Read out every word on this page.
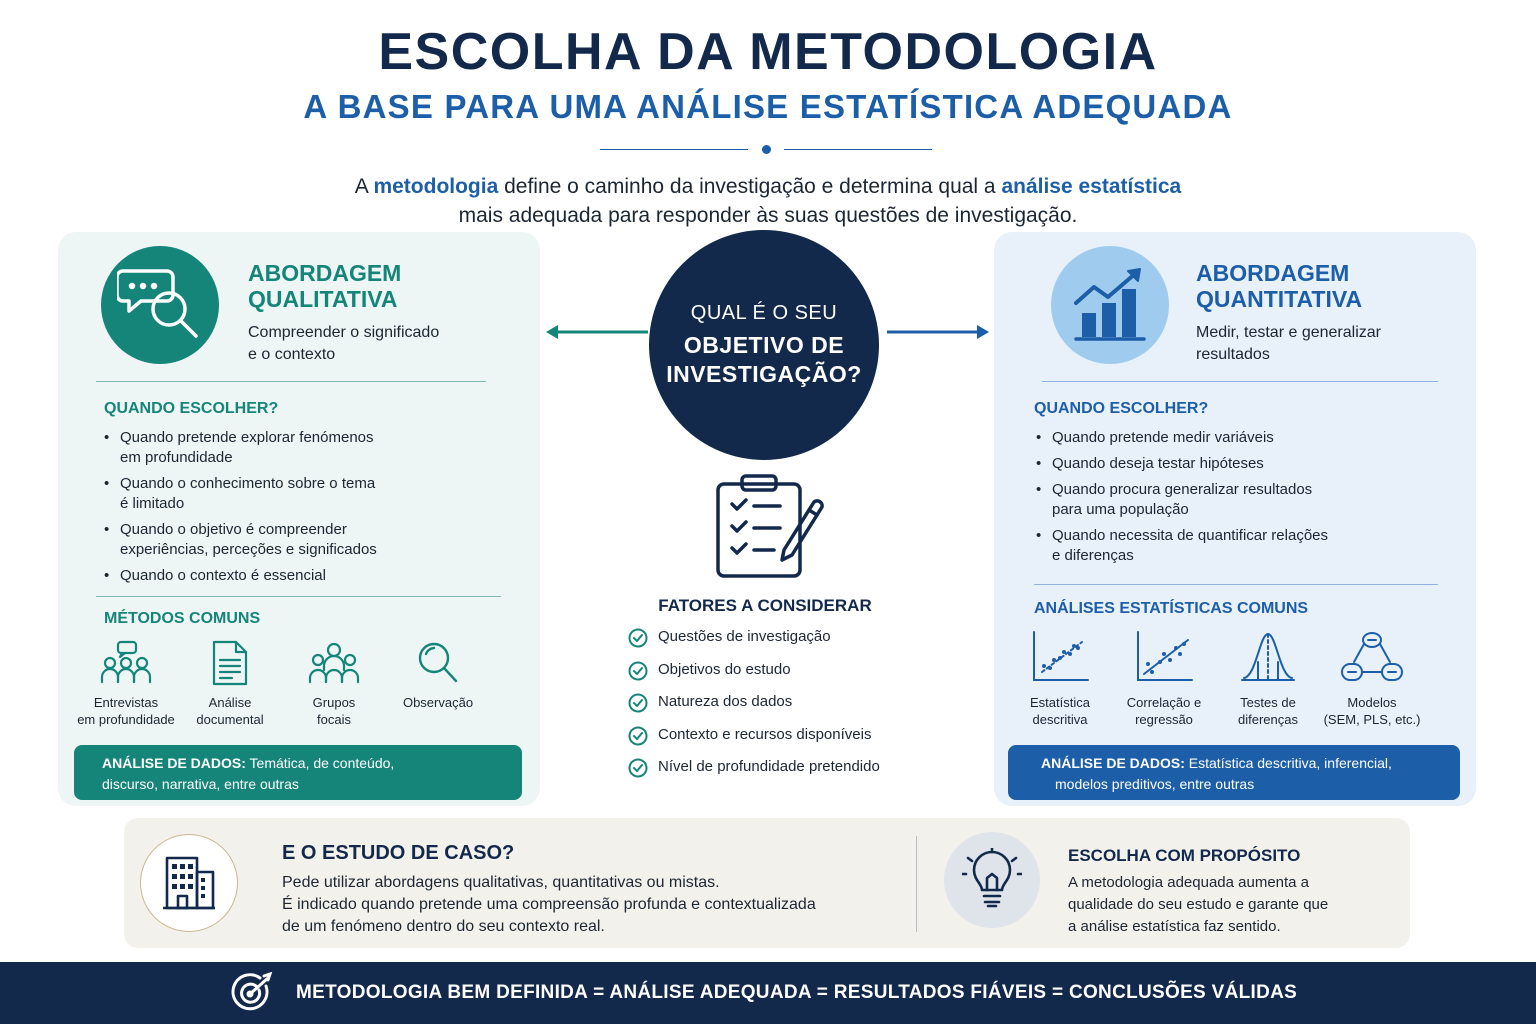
ESCOLHA DA METODOLOGIA
A BASE PARA UMA ANÁLISE ESTATÍSTICA ADEQUADA
A metodologia define o caminho da investigação e determina qual a análise estatística
mais adequada para responder às suas questões de investigação.
ABORDAGEM
QUALITATIVA
Compreender o significado
e o contexto
QUANDO ESCOLHER?
• Quando pretende explorar fenómenos
em profundidade
• Quando o conhecimento sobre o tema
é limitado
• Quando o objetivo é compreender
experiências, perceções e significados
• Quando o contexto é essencial
MÉTODOS COMUNS
Entrevistas
em profundidade
Análise
documental
Grupos
focais
Observação
ANÁLISE DE DADOS: Temática, de conteúdo,
discurso, narrativa, entre outras
QUAL É O SEU
OBJETIVO DE
INVESTIGAÇÃO?
FATORES A CONSIDERAR
Questões de investigação
Objetivos do estudo
Natureza dos dados
Contexto e recursos disponíveis
Nível de profundidade pretendido
ABORDAGEM
QUANTITATIVA
Medir, testar e generalizar
resultados
QUANDO ESCOLHER?
• Quando pretende medir variáveis
• Quando deseja testar hipóteses
• Quando procura generalizar resultados
para uma população
• Quando necessita de quantificar relações
e diferenças
ANÁLISES ESTATÍSTICAS COMUNS
Estatística
descritiva
Correlação e
regressão
Testes de
diferenças
Modelos
(SEM, PLS, etc.)
ANÁLISE DE DADOS: Estatística descritiva, inferencial,
modelos preditivos, entre outras
E O ESTUDO DE CASO?
Pede utilizar abordagens qualitativas, quantitativas ou mistas.
É indicado quando pretende uma compreensão profunda e contextualizada
de um fenómeno dentro do seu contexto real.
ESCOLHA COM PROPÓSITO
A metodologia adequada aumenta a
qualidade do seu estudo e garante que
a análise estatística faz sentido.
METODOLOGIA BEM DEFINIDA = ANÁLISE ADEQUADA = RESULTADOS FIÁVEIS = CONCLUSÕES VÁLIDAS
